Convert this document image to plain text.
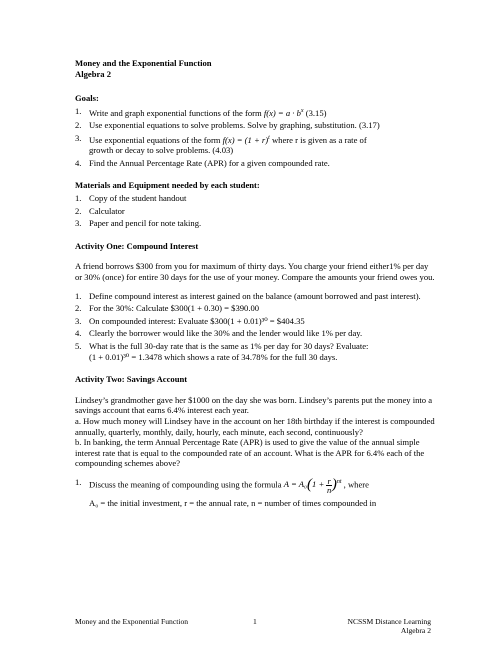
Money and the Exponential Function
Algebra 2
Goals:
1. Write and graph exponential functions of the form $f(x) = a \cdot b^x$ (3.15)
2. Use exponential equations to solve problems. Solve by graphing, substitution. (3.17)
3. Use exponential equations of the form $f(x) = (1 + r)^t$ where r is given as a rate of
growth or decay to solve problems. (4.03)
4. Find the Annual Percentage Rate (APR) for a given compounded rate.
Materials and Equipment needed by each student:
1. Copy of the student handout
2. Calculator
3. Paper and pencil for note taking.
Activity One: Compound Interest
A friend borrows $300 from you for maximum of thirty days. You charge your friend either1% per day or 30% (once) for entire 30 days for the use of your money. Compare the amounts your friend owes you.
1. Define compound interest as interest gained on the balance (amount borrowed and past interest).
2. For the 30%: Calculate $300(1 + 0.30) = $390.00
3. On compounded interest: Evaluate $300(1 + 0.01)³⁰ = $404.35
4. Clearly the borrower would like the 30% and the lender would like 1% per day.
5. What is the full 30-day rate that is the same as 1% per day for 30 days? Evaluate:
(1 + 0.01)³⁰ = 1.3478 which shows a rate of 34.78% for the full 30 days.
Activity Two: Savings Account
Lindsey’s grandmother gave her $1000 on the day she was born. Lindsey’s parents put the money into a savings account that earns 6.4% interest each year.
a. How much money will Lindsey have in the account on her 18th birthday if the interest is compounded annually, quarterly, monthly, daily, hourly, each minute, each second, continuously?
b. In banking, the term Annual Percentage Rate (APR) is used to give the value of the annual simple interest rate that is equal to the compounded rate of an account. What is the APR for 6.4% each of the compounding schemes above?
1. Discuss the meaning of compounding using the formula $A = A_0(1 + \frac{r}{n} )^{nt}$ , where
A₀ = the initial investment, r = the annual rate, n = number of times compounded in
Money and the Exponential Function	1	NCSSM Distance Learning
Algebra 2
